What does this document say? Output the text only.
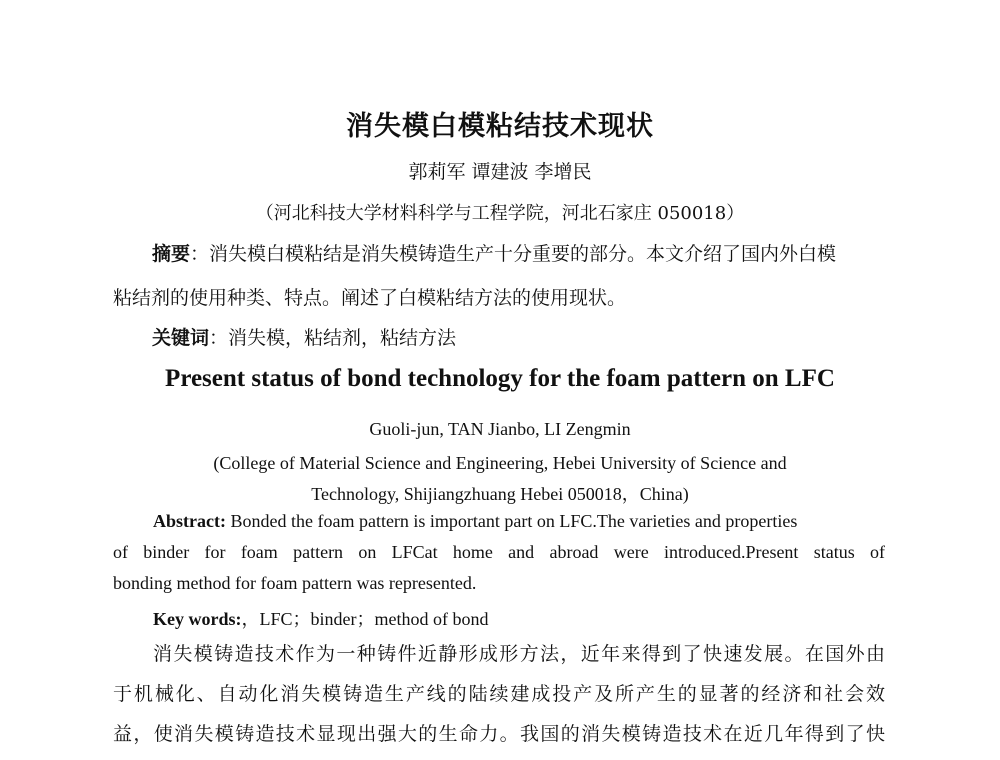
消失模白模粘结技术现状
郭莉军 谭建波 李增民
（河北科技大学材料科学与工程学院，河北石家庄 050018）
摘要：消失模白模粘结是消失模铸造生产十分重要的部分。本文介绍了国内外白模
粘结剂的使用种类、特点。阐述了白模粘结方法的使用现状。
关键词：消失模，粘结剂，粘结方法
Present status of bond technology for the foam pattern on LFC
Guoli-jun, TAN Jianbo, LI Zengmin
(College of Material Science and Engineering, Hebei University of Science and
Technology, Shijiangzhuang Hebei 050018，China)
Abstract: Bonded the foam pattern is important part on LFC.The varieties and properties
of binder for foam pattern on LFCat home and abroad were introduced.Present status of
bonding method for foam pattern was represented.
Key words:，LFC；binder；method of bond
消失模铸造技术作为一种铸件近静形成形方法，近年来得到了快速发展。在国外由
于机械化、自动化消失模铸造生产线的陆续建成投产及所产生的显著的经济和社会效
益，使消失模铸造技术显现出强大的生命力。我国的消失模铸造技术在近几年得到了快
